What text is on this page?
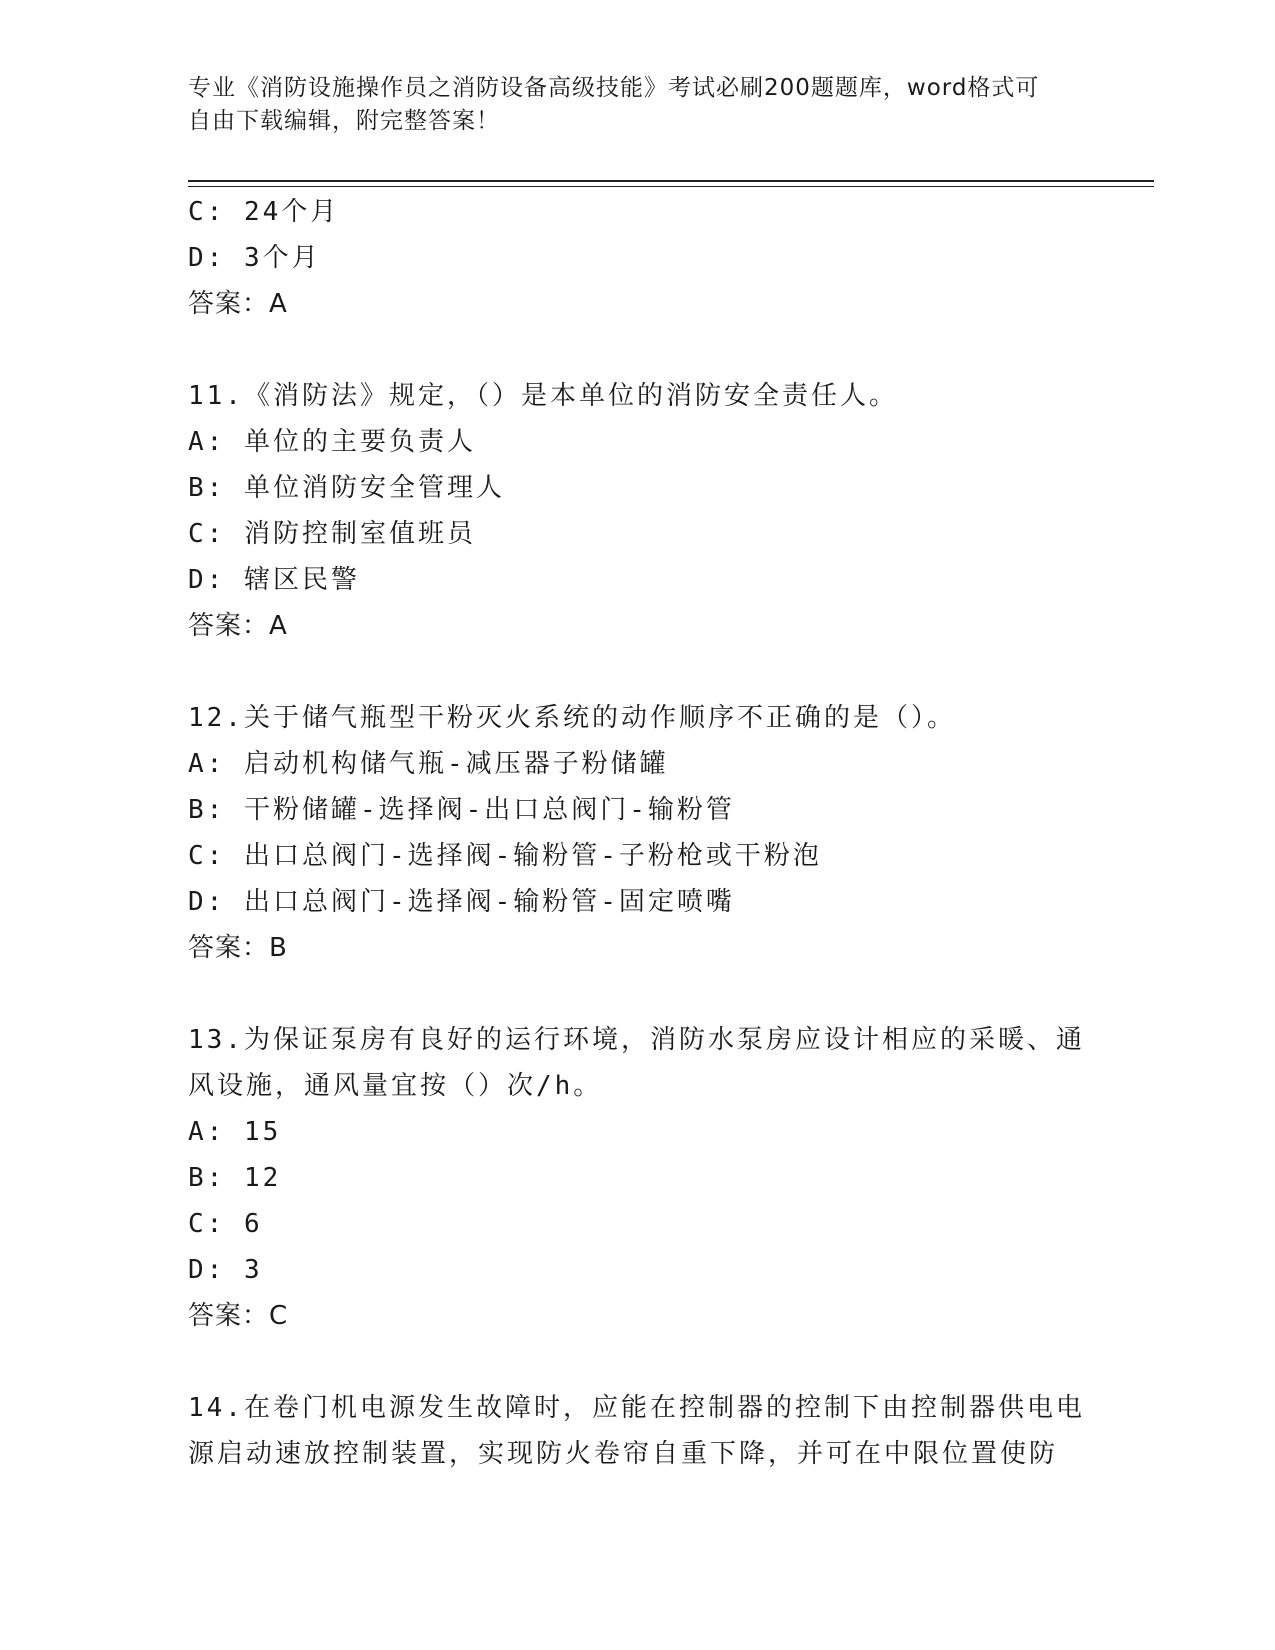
专业《消防设施操作员之消防设备高级技能》考试必刷200题题库，word格式可
自由下载编辑，附完整答案！
C: 24个月
D: 3个月
答案：A
11.《消防法》规定，（）是本单位的消防安全责任人。
A: 单位的主要负责人
B: 单位消防安全管理人
C: 消防控制室值班员
D: 辖区民警
答案：A
12.关于储气瓶型干粉灭火系统的动作顺序不正确的是（）。
A: 启动机构储气瓶-减压器子粉储罐
B: 干粉储罐-选择阀-出口总阀门-输粉管
C: 出口总阀门-选择阀-输粉管-子粉枪或干粉泡
D: 出口总阀门-选择阀-输粉管-固定喷嘴
答案：B
13.为保证泵房有良好的运行环境，消防水泵房应设计相应的采暖、通
风设施，通风量宜按（）次/h。
A: 15
B: 12
C: 6
D: 3
答案：C
14.在卷门机电源发生故障时，应能在控制器的控制下由控制器供电电
源启动速放控制装置，实现防火卷帘自重下降，并可在中限位置使防
